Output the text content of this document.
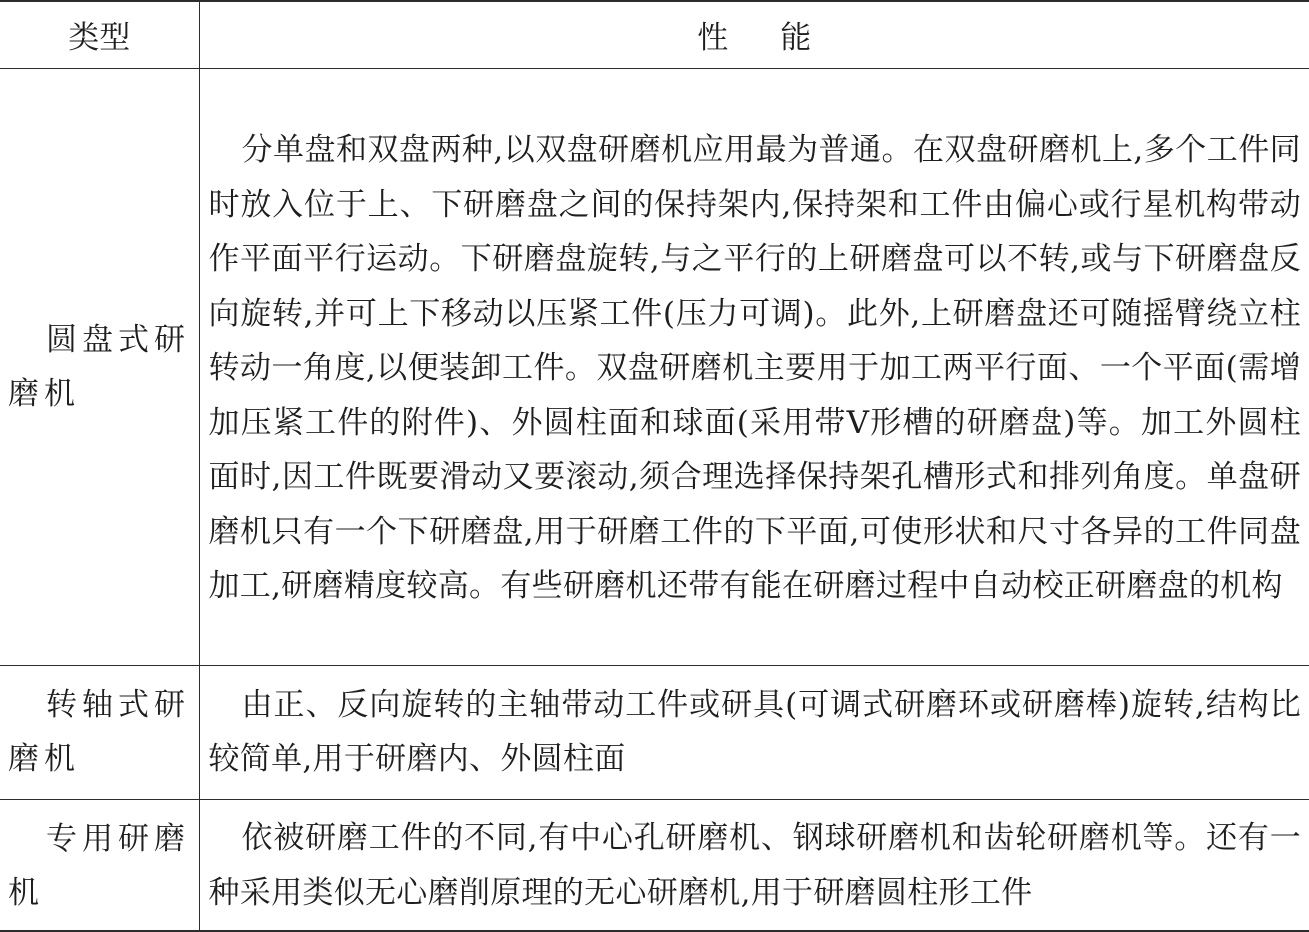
类型	性能
圆盘式研磨机	分单盘和双盘两种,以双盘研磨机应用最为普通。在双盘研磨机上,多个工件同时放入位于上、下研磨盘之间的保持架内,保持架和工件由偏心或行星机构带动作平面平行运动。下研磨盘旋转,与之平行的上研磨盘可以不转,或与下研磨盘反向旋转,并可上下移动以压紧工件(压力可调)。此外,上研磨盘还可随摇臂绕立柱转动一角度,以便装卸工件。双盘研磨机主要用于加工两平行面、一个平面(需增加压紧工件的附件)、外圆柱面和球面(采用带V形槽的研磨盘)等。加工外圆柱面时,因工件既要滑动又要滚动,须合理选择保持架孔槽形式和排列角度。单盘研磨机只有一个下研磨盘,用于研磨工件的下平面,可使形状和尺寸各异的工件同盘加工,研磨精度较高。有些研磨机还带有能在研磨过程中自动校正研磨盘的机构
转轴式研磨机	由正、反向旋转的主轴带动工件或研具(可调式研磨环或研磨棒)旋转,结构比较简单,用于研磨内、外圆柱面
专用研磨机	依被研磨工件的不同,有中心孔研磨机、钢球研磨机和齿轮研磨机等。还有一种采用类似无心磨削原理的无心研磨机,用于研磨圆柱形工件
